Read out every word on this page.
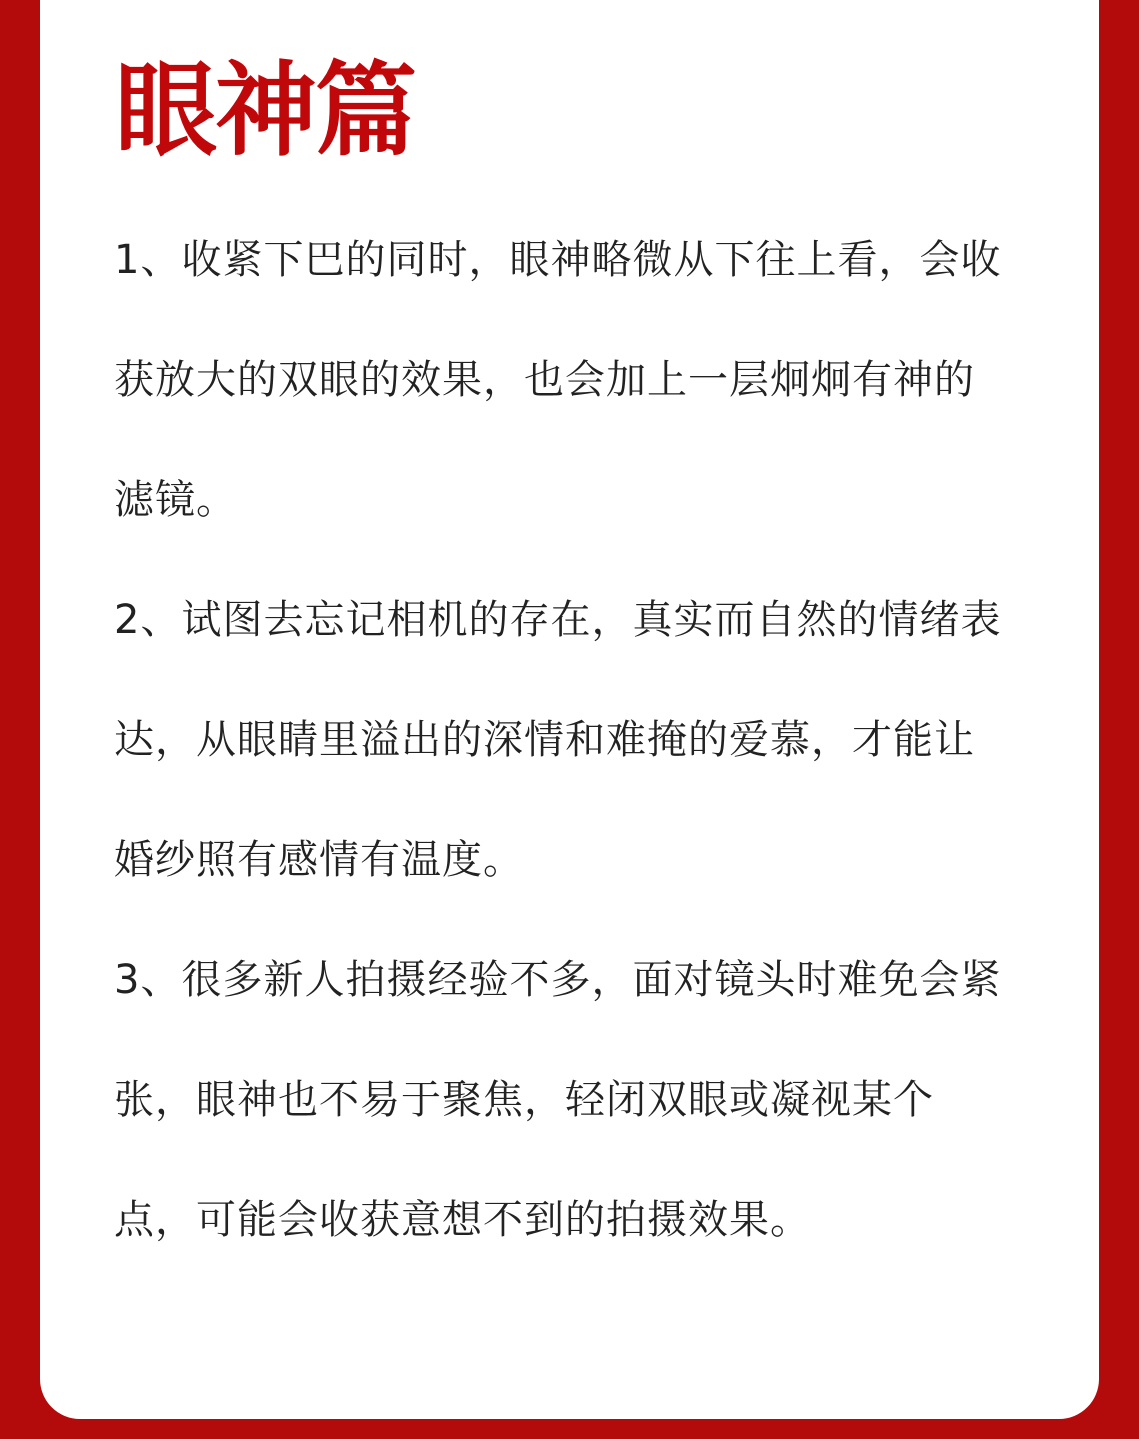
眼神篇
1、收紧下巴的同时，眼神略微从下往上看，会收
获放大的双眼的效果，也会加上一层炯炯有神的
滤镜。
2、试图去忘记相机的存在，真实而自然的情绪表
达，从眼睛里溢出的深情和难掩的爱慕，才能让
婚纱照有感情有温度。
3、很多新人拍摄经验不多，面对镜头时难免会紧
张，眼神也不易于聚焦，轻闭双眼或凝视某个
点，可能会收获意想不到的拍摄效果。
